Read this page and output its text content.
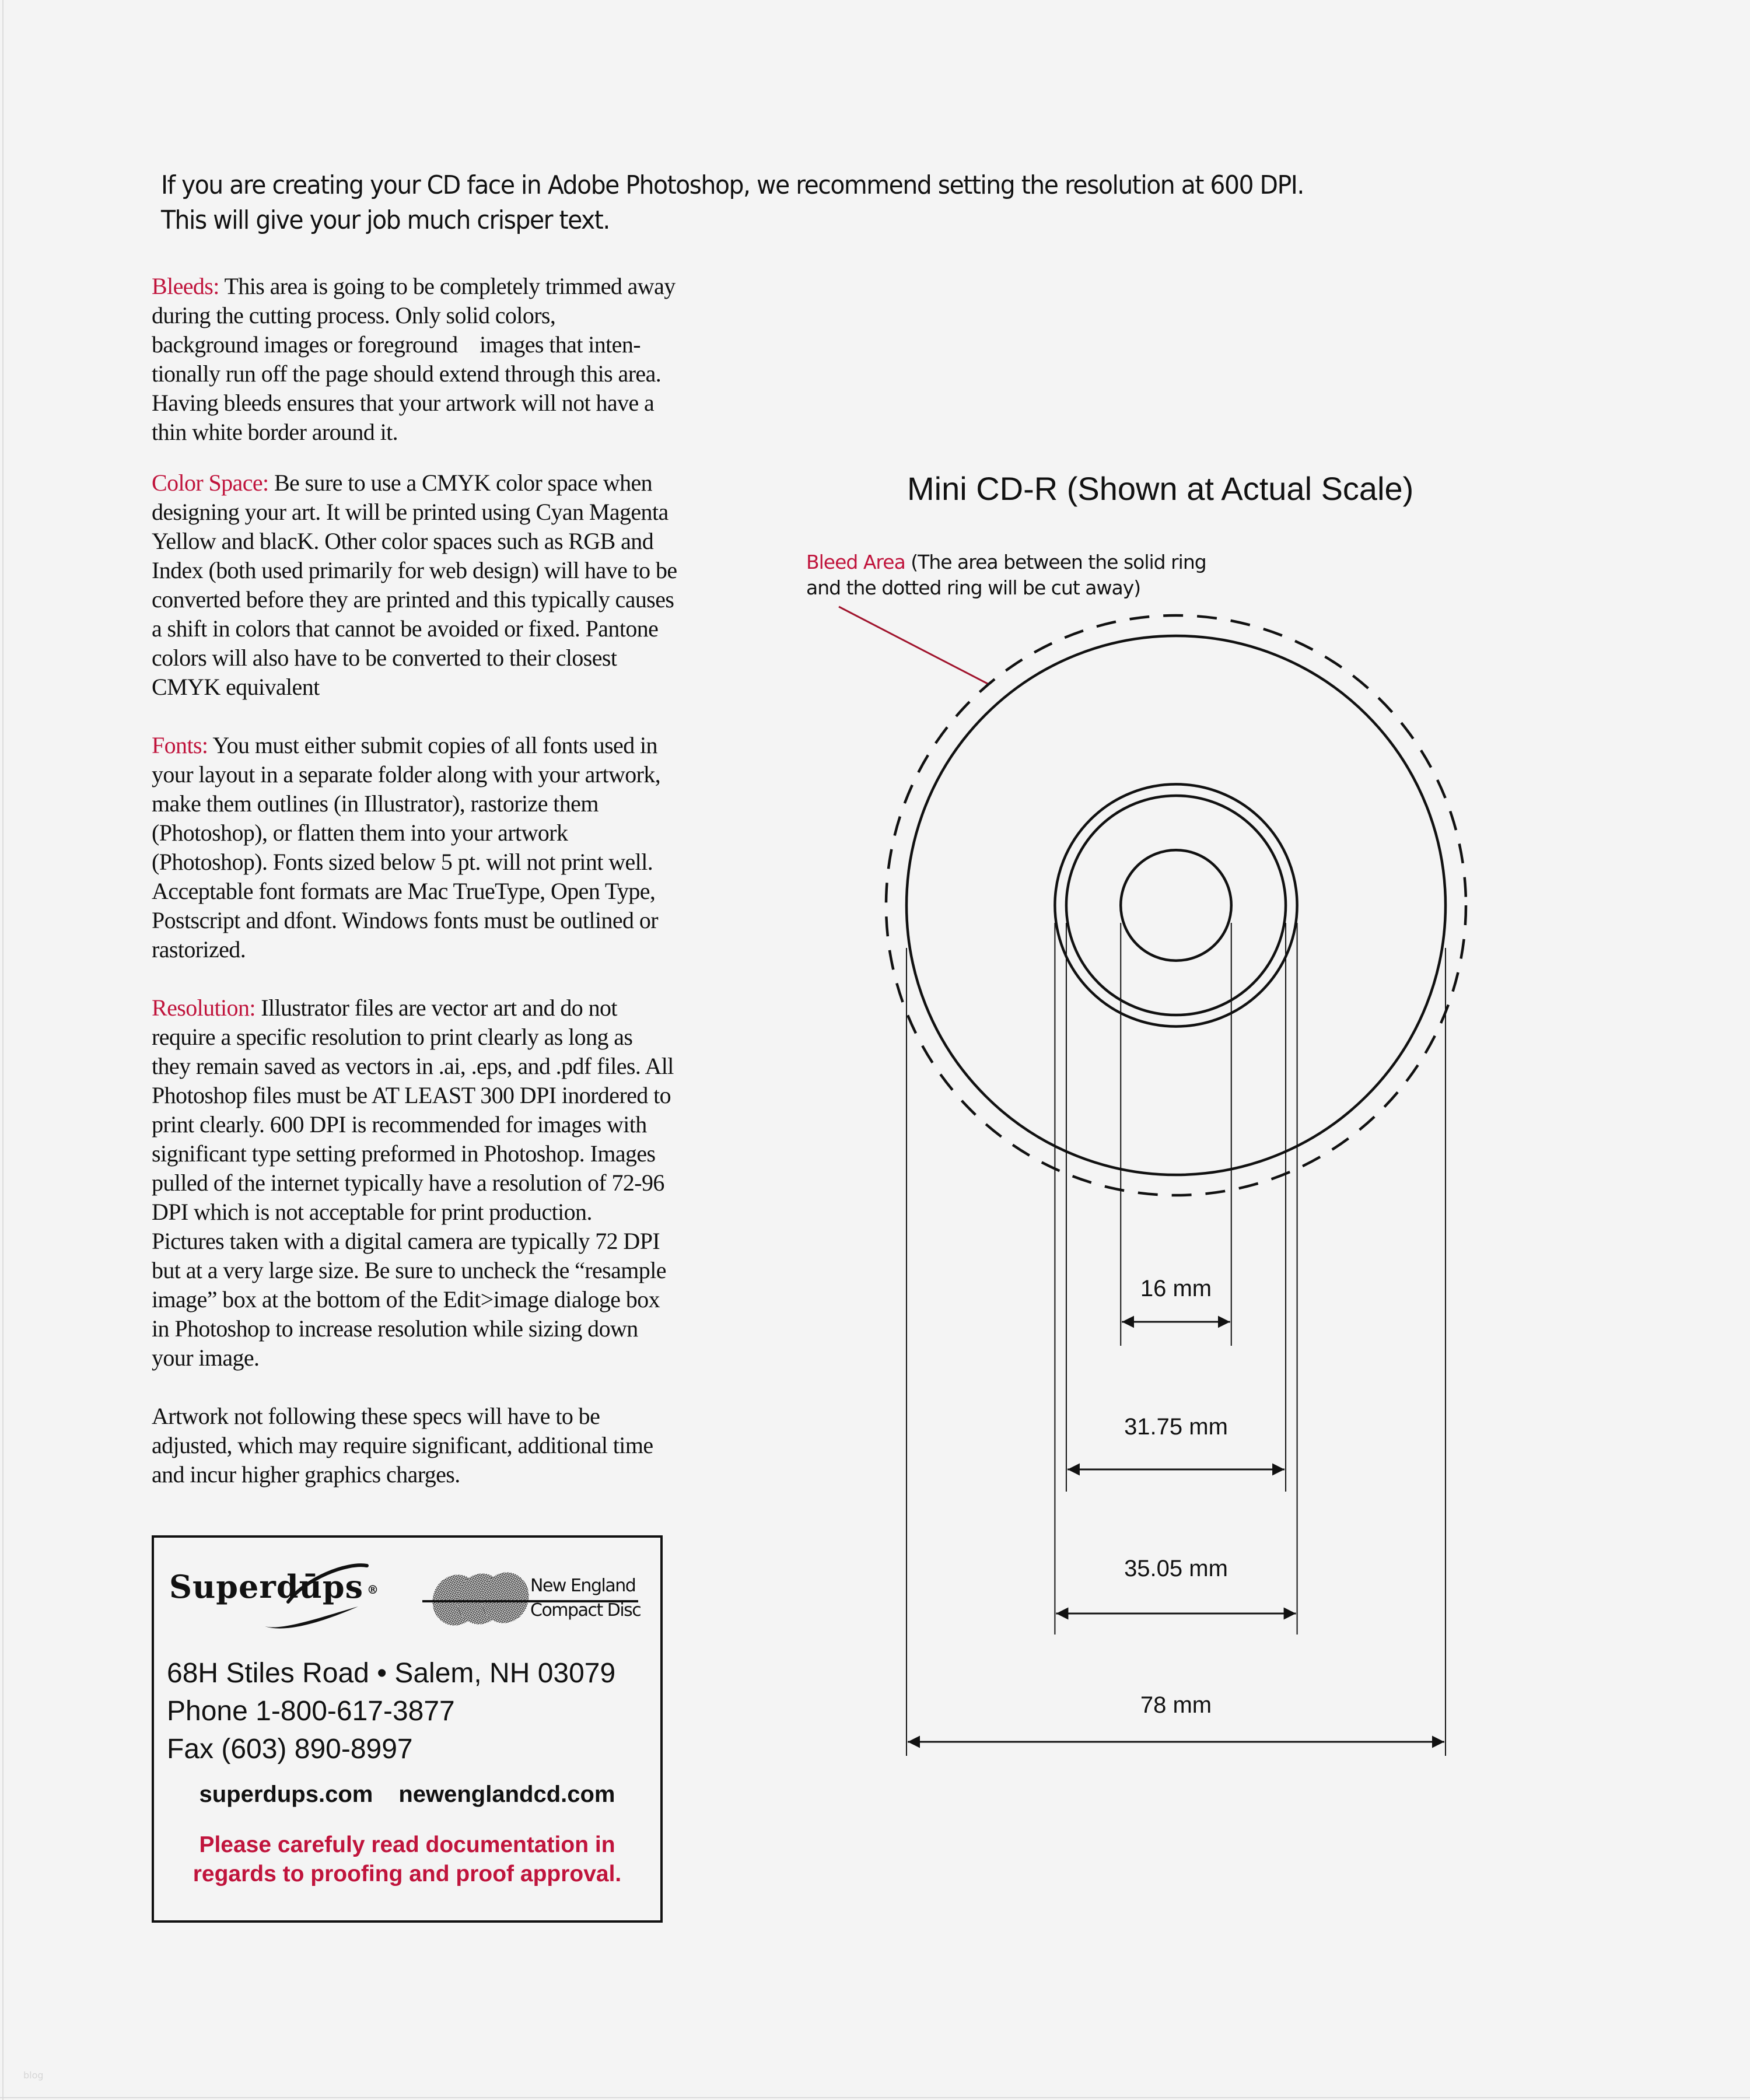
If you are creating your CD face in Adobe Photoshop, we recommend setting the resolution at 600 DPI.
This will give your job much crisper text.

Bleeds: This area is going to be completely trimmed away
during the cutting process. Only solid colors,
background images or foreground    images that inten-
tionally run off the page should extend through this area.
Having bleeds ensures that your artwork will not have a
thin white border around it.

Color Space: Be sure to use a CMYK color space when
designing your art. It will be printed using Cyan Magenta
Yellow and blacK. Other color spaces such as RGB and
Index (both used primarily for web design) will have to be
converted before they are printed and this typically causes
a shift in colors that cannot be avoided or fixed. Pantone
colors will also have to be converted to their closest
CMYK equivalent

Fonts: You must either submit copies of all fonts used in
your layout in a separate folder along with your artwork,
make them outlines (in Illustrator), rastorize them
(Photoshop), or flatten them into your artwork
(Photoshop). Fonts sized below 5 pt. will not print well.
Acceptable font formats are Mac TrueType, Open Type,
Postscript and dfont. Windows fonts must be outlined or
rastorized.

Resolution: Illustrator files are vector art and do not
require a specific resolution to print clearly as long as
they remain saved as vectors in .ai, .eps, and .pdf files. All
Photoshop files must be AT LEAST 300 DPI inordered to
print clearly. 600 DPI is recommended for images with
significant type setting preformed in Photoshop. Images
pulled of the internet typically have a resolution of 72-96
DPI which is not acceptable for print production.
Pictures taken with a digital camera are typically 72 DPI
but at a very large size. Be sure to uncheck the “resample
image” box at the bottom of the Edit>image dialoge box
in Photoshop to increase resolution while sizing down
your image.

Artwork not following these specs will have to be
adjusted, which may require significant, additional time
and incur higher graphics charges.

Superdūps ®	New England
Compact Disc
68H Stiles Road • Salem, NH 03079
Phone 1-800-617-3877
Fax (603) 890-8997
superdups.com newenglandcd.com
Please carefuly read documentation in
regards to proofing and proof approval.
Mini CD-R (Shown at Actual Scale)
Bleed Area (The area between the solid ring
and the dotted ring will be cut away)
78 mm
35.05 mm
31.75 mm
16 mm
blog
